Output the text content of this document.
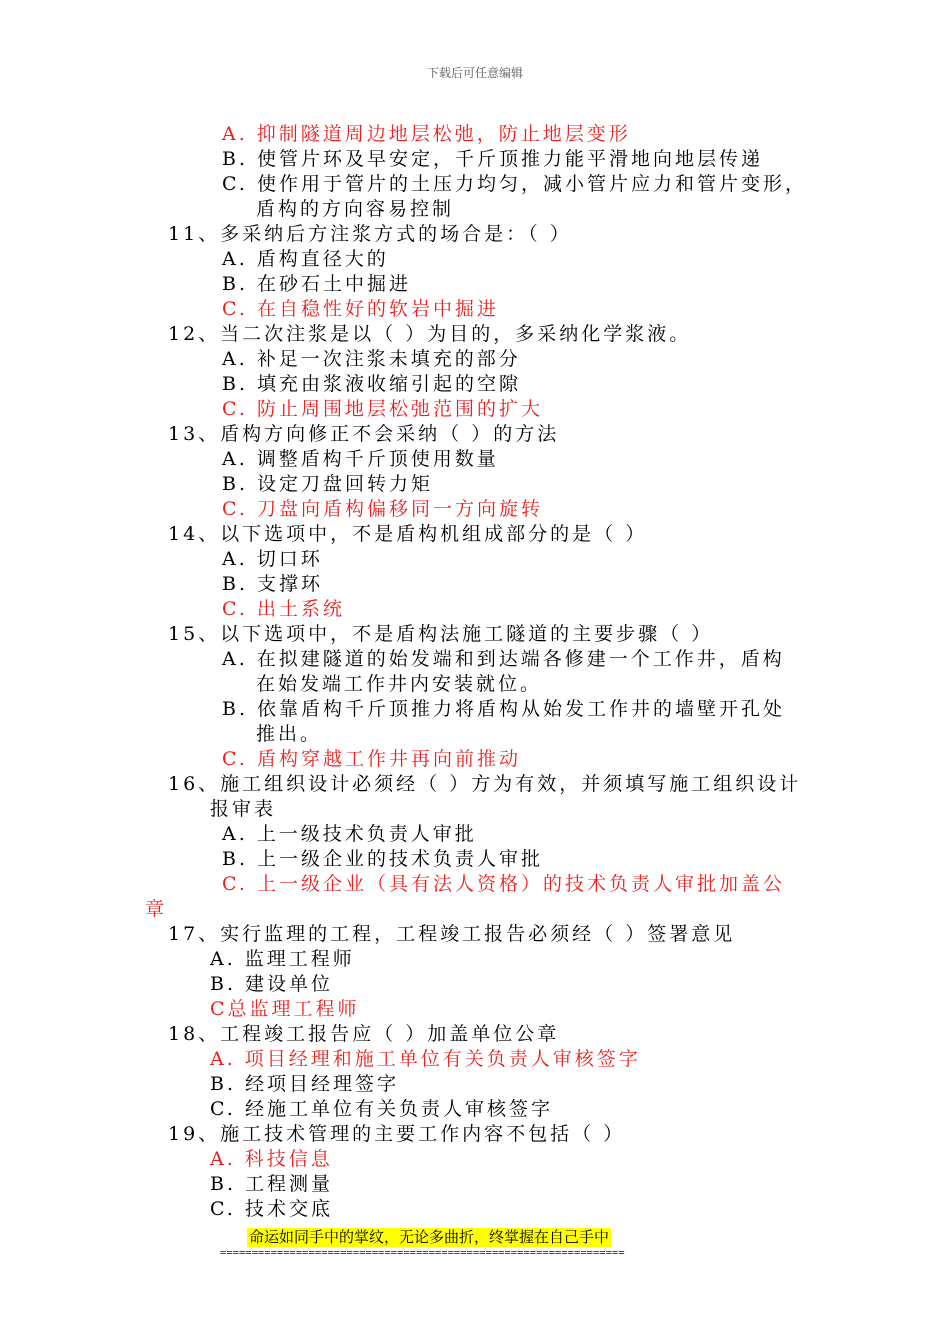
下载后可任意编辑
A. 抑制隧道周边地层松弛，防止地层变形
B. 使管片环及早安定，千斤顶推力能平滑地向地层传递
C. 使作用于管片的土压力均匀，减小管片应力和管片变形，
盾构的方向容易控制
11、多采纳后方注浆方式的场合是：（ ）
A. 盾构直径大的
B. 在砂石土中掘进
C. 在自稳性好的软岩中掘进
12、当二次注浆是以（ ）为目的，多采纳化学浆液。
A. 补足一次注浆未填充的部分
B. 填充由浆液收缩引起的空隙
C. 防止周围地层松弛范围的扩大
13、盾构方向修正不会采纳（ ）的方法
A. 调整盾构千斤顶使用数量
B. 设定刀盘回转力矩
C. 刀盘向盾构偏移同一方向旋转
14、以下选项中，不是盾构机组成部分的是（ ）
A. 切口环
B. 支撑环
C. 出土系统
15、以下选项中，不是盾构法施工隧道的主要步骤（ ）
A. 在拟建隧道的始发端和到达端各修建一个工作井，盾构
在始发端工作井内安装就位。
B. 依靠盾构千斤顶推力将盾构从始发工作井的墙壁开孔处
推出。
C. 盾构穿越工作井再向前推动
16、施工组织设计必须经（ ）方为有效，并须填写施工组织设计
报审表
A. 上一级技术负责人审批
B. 上一级企业的技术负责人审批
C. 上一级企业（具有法人资格）的技术负责人审批加盖公
章
17、实行监理的工程，工程竣工报告必须经（ ）签署意见
A. 监理工程师
B. 建设单位
C总监理工程师
18、工程竣工报告应（ ）加盖单位公章
A. 项目经理和施工单位有关负责人审核签字
B. 经项目经理签字
C. 经施工单位有关负责人审核签字
19、施工技术管理的主要工作内容不包括（ ）
A. 科技信息
B. 工程测量
C. 技术交底
命运如同手中的掌纹，无论多曲折，终掌握在自己手中
================================================================
